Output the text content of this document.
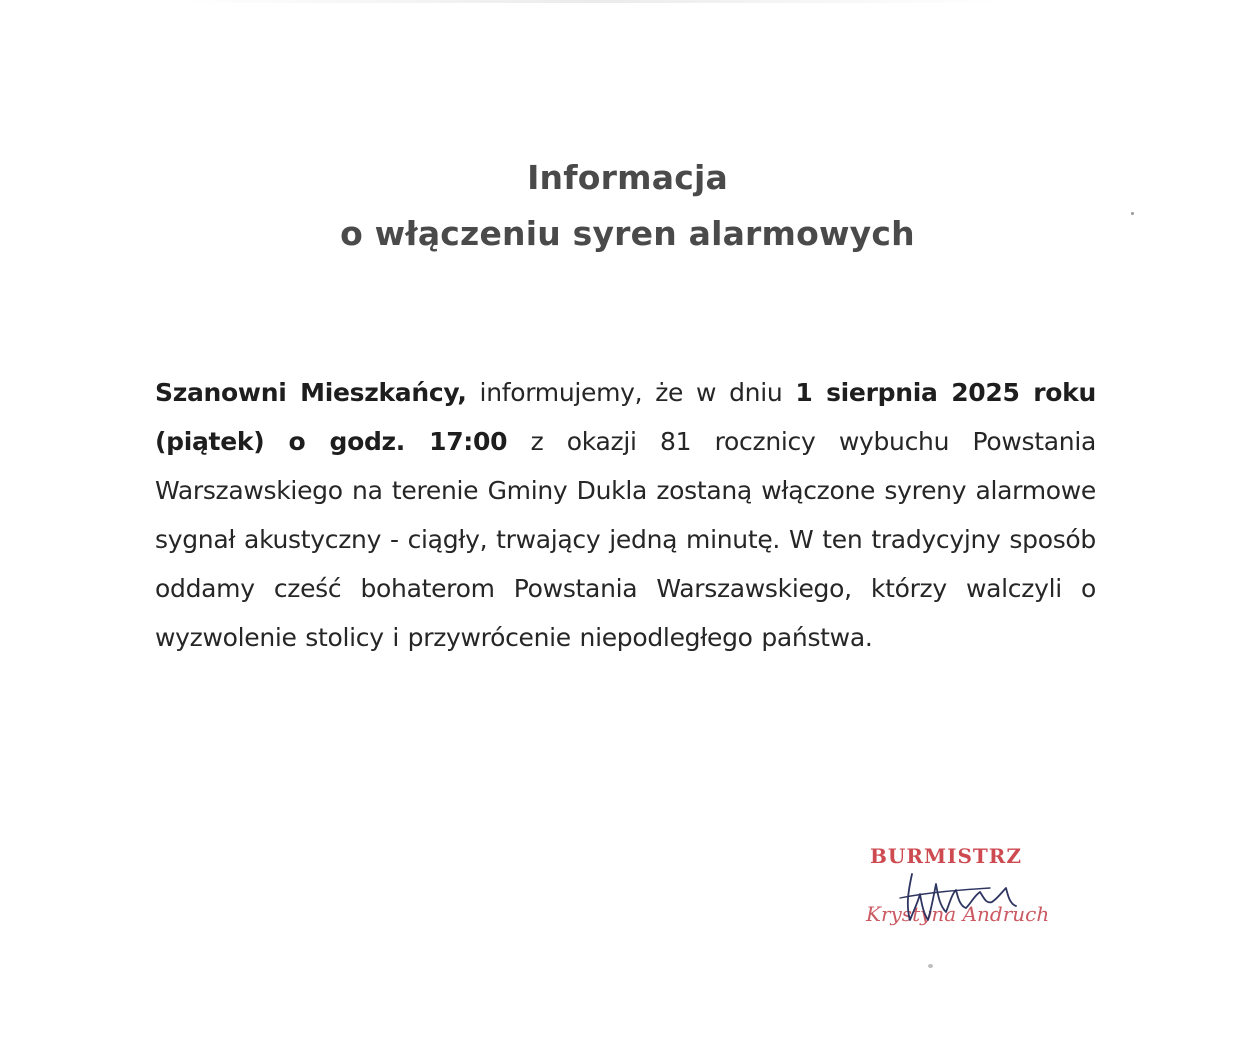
Informacja
o włączeniu syren alarmowych
Szanowni Mieszkańcy, informujemy, że w dniu 1 sierpnia 2025 roku (piątek) o godz. 17:00 z okazji 81 rocznicy wybuchu Powstania Warszawskiego na terenie Gminy Dukla zostaną włączone syreny alarmowe sygnał akustyczny - ciągły, trwający jedną minutę. W ten tradycyjny sposób oddamy cześć bohaterom Powstania Warszawskiego, którzy walczyli o wyzwolenie stolicy i przywrócenie niepodległego państwa.
BURMISTRZ
Krystyna Andruch
